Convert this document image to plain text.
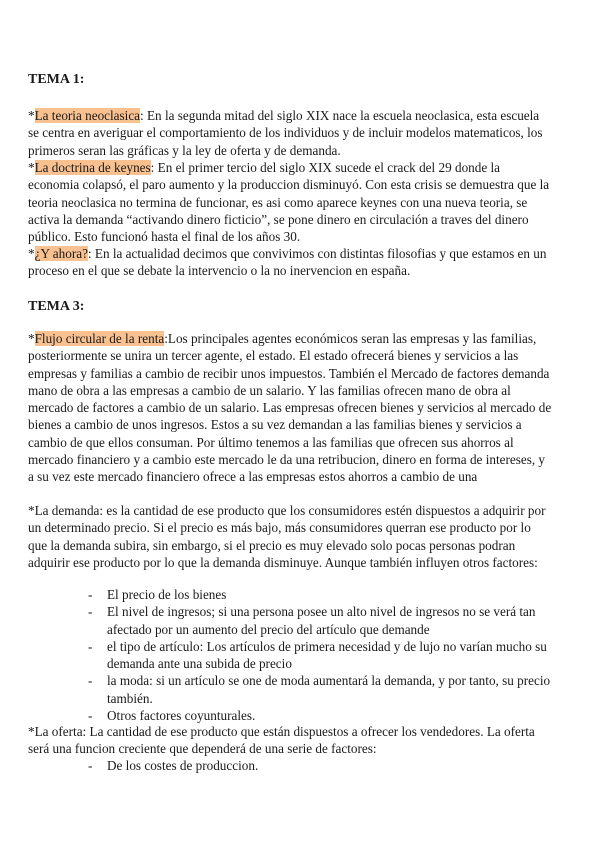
TEMA 1:

*La teoria neoclasica: En la segunda mitad del siglo XIX nace la escuela neoclasica, esta escuela se centra en averiguar el comportamiento de los individuos y de incluir modelos matematicos, los primeros seran las gráficas y la ley de oferta y de demanda.

*La doctrina de keynes: En el primer tercio del siglo XIX sucede el crack del 29 donde la economia colapsó, el paro aumento y la produccion disminuyó. Con esta crisis se demuestra que la teoria neoclasica no termina de funcionar, es asi como aparece keynes con una nueva teoria, se activa la demanda “activando dinero ficticio”, se pone dinero en circulación a traves del dinero público. Esto funcionó hasta el final de los años 30.

*¿Y ahora?: En la actualidad decimos que convivimos con distintas filosofias y que estamos en un proceso en el que se debate la intervencio o la no inervencion en españa.

TEMA 3:

*Flujo circular de la renta:Los principales agentes económicos seran las empresas y las familias, posteriormente se unira un tercer agente, el estado. El estado ofrecerá bienes y servicios a las empresas y familias a cambio de recibir unos impuestos. También el Mercado de factores demanda mano de obra a las empresas a cambio de un salario. Y las familias ofrecen mano de obra al mercado de factores a cambio de un salario. Las empresas ofrecen bienes y servicios al mercado de bienes a cambio de unos ingresos. Estos a su vez demandan a las familias bienes y servicios a cambio de que ellos consuman. Por último tenemos a las familias que ofrecen sus ahorros al mercado financiero y a cambio este mercado le da una retribucion, dinero en forma de intereses, y a su vez este mercado financiero ofrece a las empresas estos ahorros a cambio de una

*La demanda: es la cantidad de ese producto que los consumidores estén dispuestos a adquirir por un determinado precio. Si el precio es más bajo, más consumidores querran ese producto por lo que la demanda subira, sin embargo, si el precio es muy elevado solo pocas personas podran adquirir ese producto por lo que la demanda disminuye. Aunque también influyen otros factores:

- El precio de los bienes
- El nivel de ingresos; si una persona posee un alto nivel de ingresos no se verá tan afectado por un aumento del precio del artículo que demande
- el tipo de artículo: Los artículos de primera necesidad y de lujo no varían mucho su demanda ante una subida de precio
- la moda: si un artículo se one de moda aumentará la demanda, y por tanto, su precio también.
- Otros factores coyunturales.

*La oferta: La cantidad de ese producto que están dispuestos a ofrecer los vendedores. La oferta será una funcion creciente que dependerá de una serie de factores:

- De los costes de produccion.
